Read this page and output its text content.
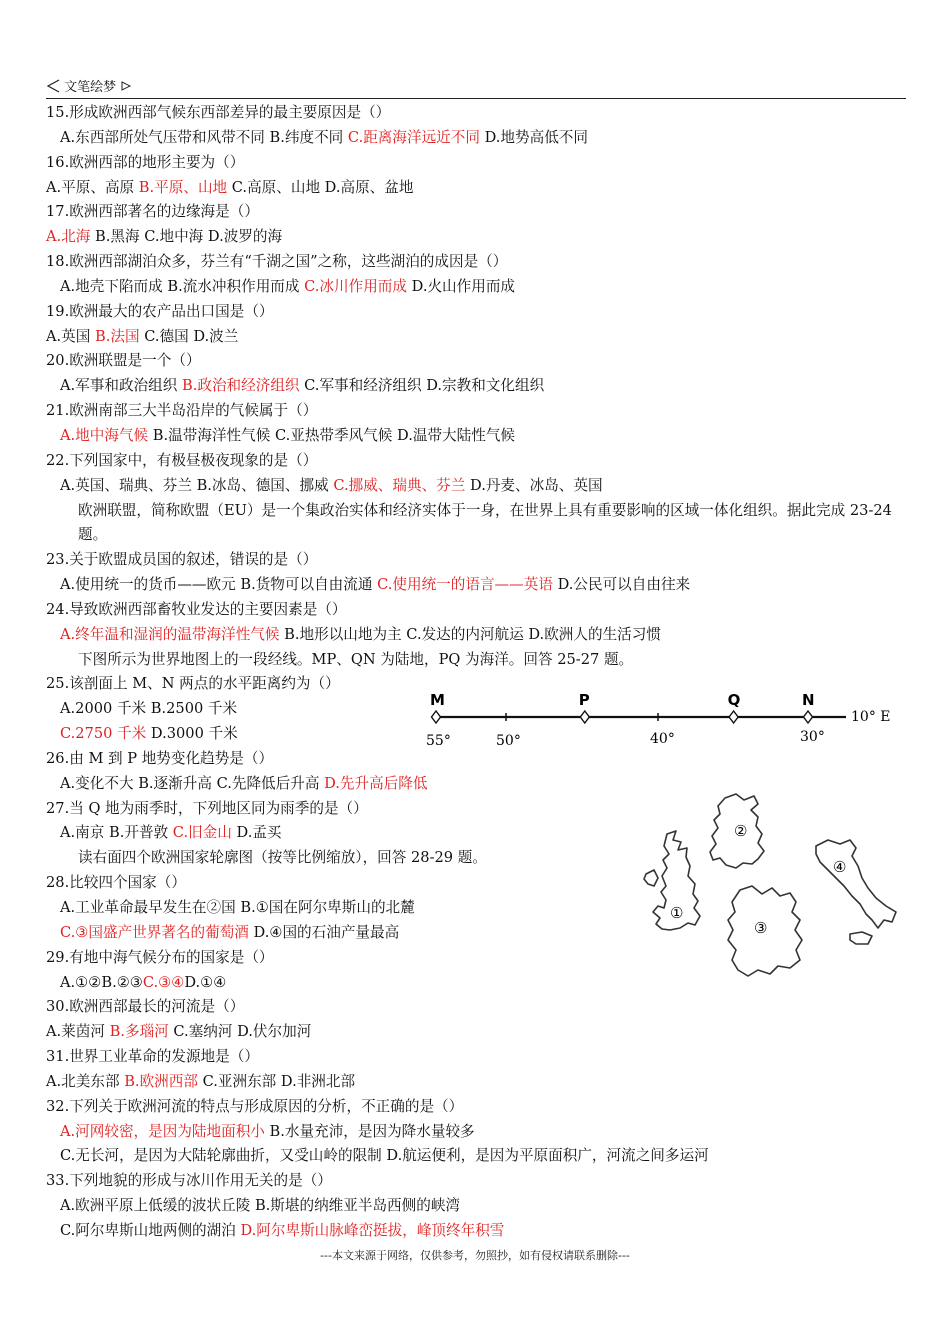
文笔绘梦
15.形成欧洲西部气候东西部差异的最主要原因是（）
A.东西部所处气压带和风带不同 B.纬度不同 C.距离海洋远近不同 D.地势高低不同
16.欧洲西部的地形主要为（）
A.平原、高原 B.平原、山地 C.高原、山地 D.高原、盆地
17.欧洲西部著名的边缘海是（）
A.北海 B.黑海 C.地中海 D.波罗的海
18.欧洲西部湖泊众多，芬兰有“千湖之国”之称，这些湖泊的成因是（）
A.地壳下陷而成 B.流水冲积作用而成 C.冰川作用而成 D.火山作用而成
19.欧洲最大的农产品出口国是（）
A.英国 B.法国 C.德国 D.波兰
20.欧洲联盟是一个（）
A.军事和政治组织 B.政治和经济组织 C.军事和经济组织 D.宗教和文化组织
21.欧洲南部三大半岛沿岸的气候属于（）
A.地中海气候 B.温带海洋性气候 C.亚热带季风气候 D.温带大陆性气候
22.下列国家中，有极昼极夜现象的是（）
A.英国、瑞典、芬兰 B.冰岛、德国、挪威 C.挪威、瑞典、芬兰 D.丹麦、冰岛、英国
欧洲联盟，简称欧盟（EU）是一个集政治实体和经济实体于一身，在世界上具有重要影响的区域一体化组织。据此完成 23-24 题。
23.关于欧盟成员国的叙述，错误的是（）
A.使用统一的货币——欧元 B.货物可以自由流通 C.使用统一的语言——英语 D.公民可以自由往来
24.导致欧洲西部畜牧业发达的主要因素是（）
A.终年温和湿润的温带海洋性气候 B.地形以山地为主 C.发达的内河航运 D.欧洲人的生活习惯
下图所示为世界地图上的一段经线。MP、QN 为陆地，PQ 为海洋。回答 25-27 题。
25.该剖面上 M、N 两点的水平距离约为（）
A.2000 千米 B.2500 千米
C.2750 千米 D.3000 千米
26.由 M 到 P 地势变化趋势是（）
A.变化不大 B.逐渐升高 C.先降低后升高 D.先升高后降低
27.当 Q 地为雨季时，下列地区同为雨季的是（）
A.南京 B.开普敦 C.旧金山 D.孟买
读右面四个欧洲国家轮廓图（按等比例缩放），回答 28-29 题。
28.比较四个国家（）
A.工业革命最早发生在②国 B.①国在阿尔卑斯山的北麓
C.③国盛产世界著名的葡萄酒 D.④国的石油产量最高
29.有地中海气候分布的国家是（）
A.①②B.②③C.③④D.①④
30.欧洲西部最长的河流是（）
A.莱茵河 B.多瑙河 C.塞纳河 D.伏尔加河
31.世界工业革命的发源地是（）
A.北美东部 B.欧洲西部 C.亚洲东部 D.非洲北部
32.下列关于欧洲河流的特点与形成原因的分析，不正确的是（）
A.河网较密，是因为陆地面积小 B.水量充沛，是因为降水量较多
C.无长河，是因为大陆轮廓曲折，又受山岭的限制 D.航运便利，是因为平原面积广，河流之间多运河
33.下列地貌的形成与冰川作用无关的是（）
A.欧洲平原上低缓的波状丘陵 B.斯堪的纳维亚半岛西侧的峡湾
C.阿尔卑斯山地两侧的湖泊 D.阿尔卑斯山脉峰峦挺拔，峰顶终年积雪
M	P	Q	N
55°	50°	40°	30°
10° E
①
②
③
④
---本文来源于网络，仅供参考，勿照抄，如有侵权请联系删除---
